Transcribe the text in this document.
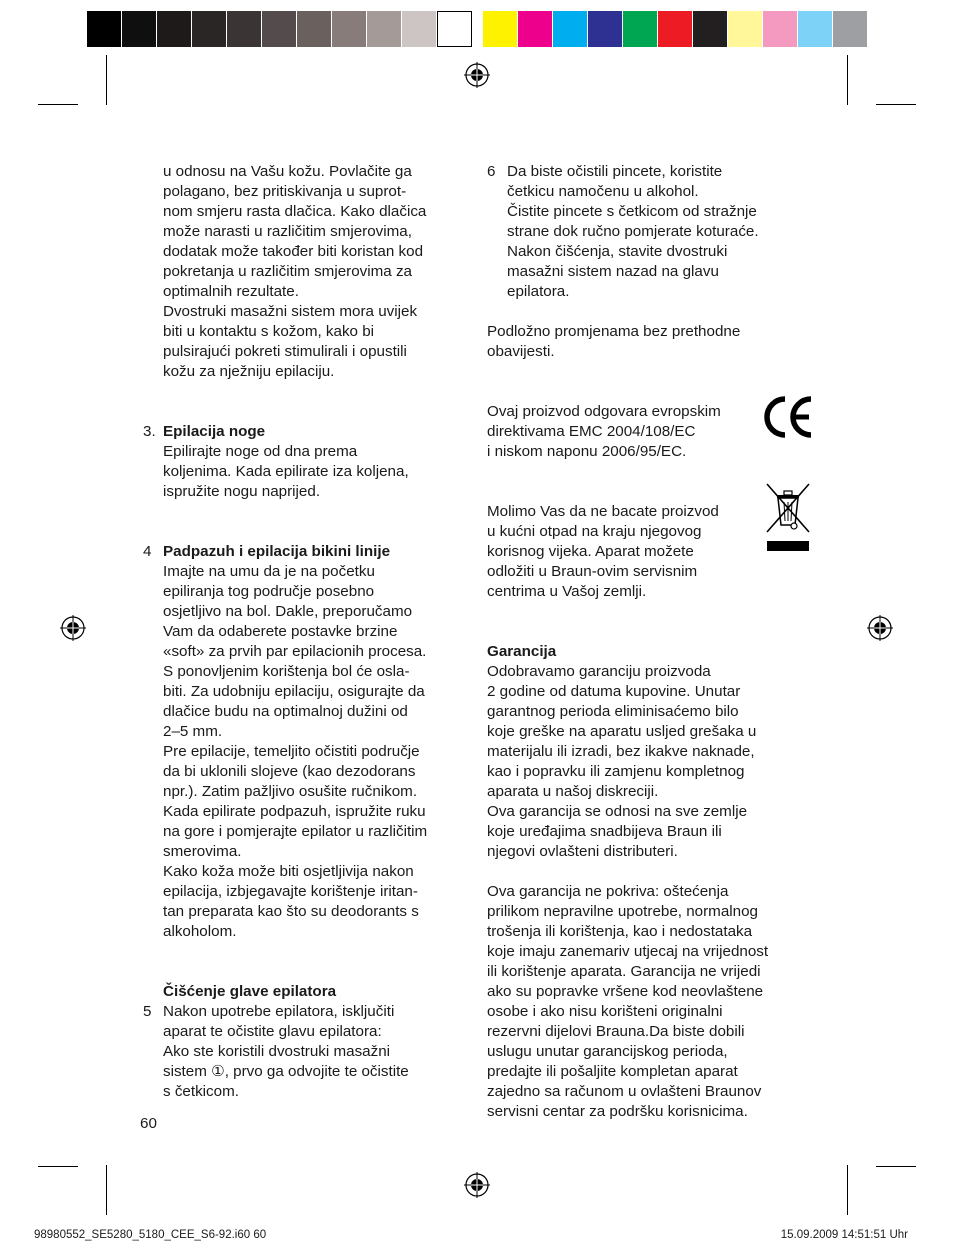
u odnosu na Vašu kožu. Povlačite ga
polagano, bez pritiskivanja u suprot-
nom smjeru rasta dlačica. Kako dlačica
može narasti u različitim smjerovima,
dodatak može također biti koristan kod
pokretanja u različitim smjerovima za
optimalnih rezultate.
Dvostruki masažni sistem mora uvijek
biti u kontaktu s kožom, kako bi
pulsirajući pokreti stimulirali i opustili
kožu za nježniju epilaciju.
3. Epilacija noge
Epilirajte noge od dna prema
koljenima. Kada epilirate iza koljena,
ispružite nogu naprijed.
4 Padpazuh i epilacija bikini linije
Imajte na umu da je na početku
epiliranja tog područje posebno
osjetljivo na bol. Dakle, preporučamo
Vam da odaberete postavke brzine
«soft» za prvih par epilacionih procesa.
S ponovljenim korištenja bol će osla-
biti. Za udobniju epilaciju, osigurajte da
dlačice budu na optimalnoj dužini od
2–5 mm.
Pre epilacije, temeljito očistiti područje
da bi uklonili slojeve (kao dezodorans
npr.). Zatim pažljivo osušite ručnikom.
Kada epilirate podpazuh, ispružite ruku
na gore i pomjerajte epilator u različitim
smerovima.
Kako koža može biti osjetljivija nakon
epilacija, izbjegavajte korištenje iritan-
tan preparata kao što su deodorants s
alkoholom.
Čišćenje glave epilatora
5 Nakon upotrebe epilatora, isključiti
aparat te očistite glavu epilatora:
Ako ste koristili dvostruki masažni
sistem ①, prvo ga odvojite te očistite
s četkicom.
60
6 Da biste očistili pincete, koristite
četkicu namočenu u alkohol.
Čistite pincete s četkicom od stražnje
strane dok ručno pomjerate koturaće.
Nakon čišćenja, stavite dvostruki
masažni sistem nazad na glavu
epilatora.
Podložno promjenama bez prethodne
obavijesti.
Ovaj proizvod odgovara evropskim
direktivama EMC 2004/108/EC
i niskom naponu 2006/95/EC.
Molimo Vas da ne bacate proizvod
u kućni otpad na kraju njegovog
korisnog vijeka. Aparat možete
odložiti u Braun-ovim servisnim
centrima u Vašoj zemlji.
Garancija
Odobravamo garanciju proizvoda
2 godine od datuma kupovine. Unutar
garantnog perioda eliminisaćemo bilo
koje greške na aparatu usljed grešaka u
materijalu ili izradi, bez ikakve naknade,
kao i popravku ili zamjenu kompletnog
aparata u našoj diskreciji.
Ova garancija se odnosi na sve zemlje
koje uređajima snadbijeva Braun ili
njegovi ovlašteni distributeri.
Ova garancija ne pokriva: oštećenja
prilikom nepravilne upotrebe, normalnog
trošenja ili korištenja, kao i nedostataka
koje imaju zanemariv utjecaj na vrijednost
ili korištenje aparata. Garancija ne vrijedi
ako su popravke vršene kod neovlaštene
osobe i ako nisu korišteni originalni
rezervni dijelovi Brauna.Da biste dobili
uslugu unutar garancijskog perioda,
predajte ili pošaljite kompletan aparat
zajedno sa računom u ovlašteni Braunov
servisni centar za podršku korisnicima.
98980552_SE5280_5180_CEE_S6-92.i60 60	15.09.2009 14:51:51 Uhr
